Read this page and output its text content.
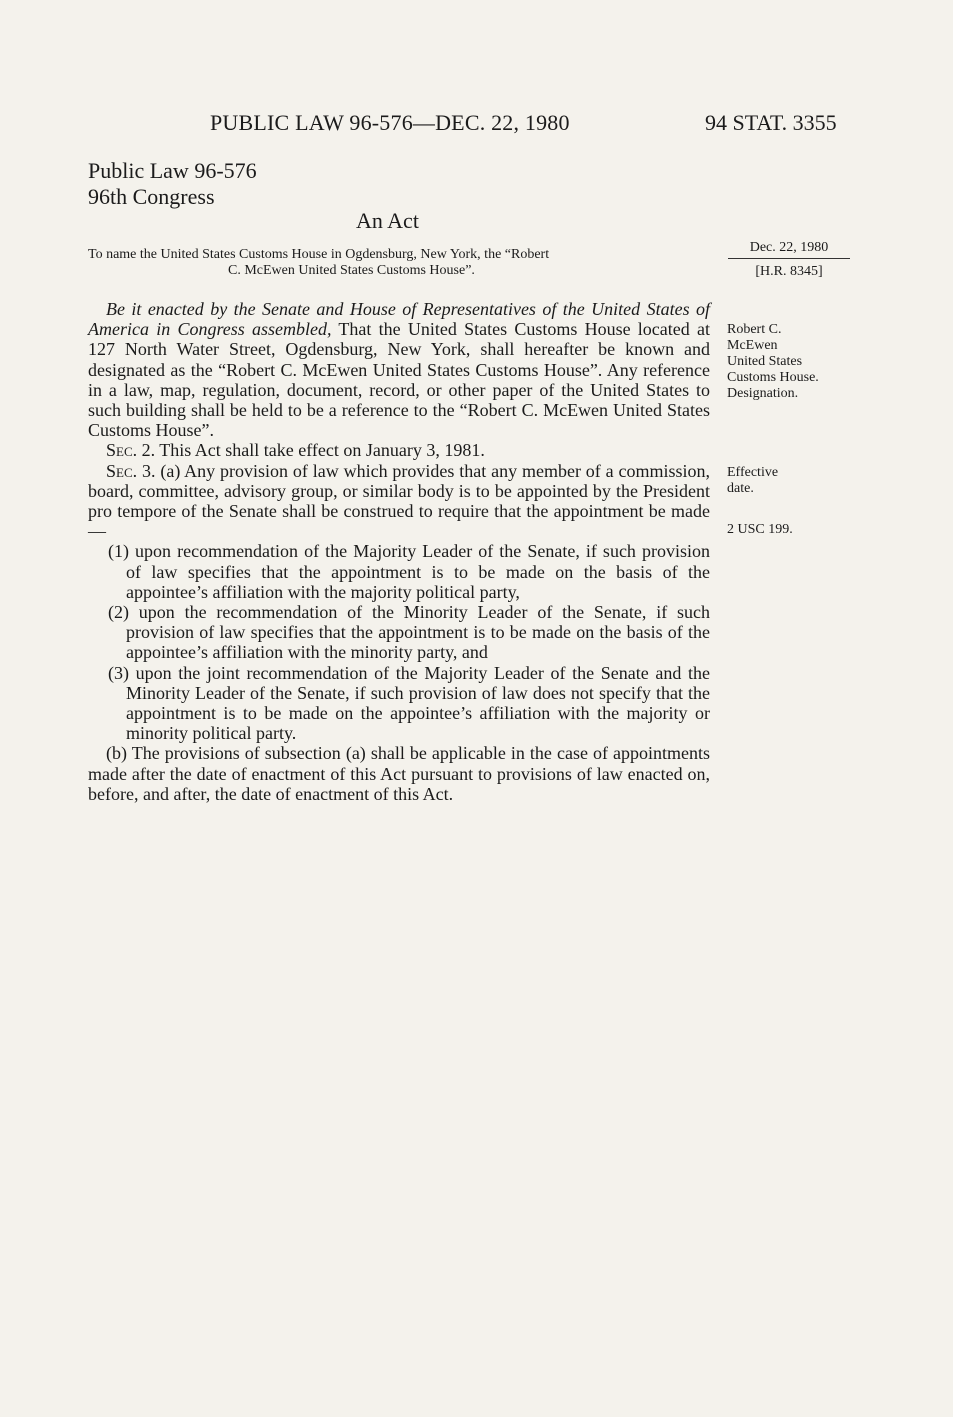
PUBLIC LAW 96-576—DEC. 22, 1980	94 STAT. 3355
Public Law 96-576
96th Congress
An Act
To name the United States Customs House in Ogdensburg, New York, the “Robert
C. McEwen United States Customs House”.
Dec. 22, 1980
[H.R. 8345]

Be it enacted by the Senate and House of Representatives of the United States of America in Congress assembled, That the United States Customs House located at 127 North Water Street, Ogdensburg, New York, shall hereafter be known and designated as the “Robert C. McEwen United States Customs House”. Any reference in a law, map, regulation, document, record, or other paper of the United States to such building shall be held to be a reference to the “Robert C. McEwen United States Customs House”.

Sec. 2. This Act shall take effect on January 3, 1981.

Sec. 3. (a) Any provision of law which provides that any member of a commission, board, committee, advisory group, or similar body is to be appointed by the President pro tempore of the Senate shall be construed to require that the appointment be made—

(1) upon recommendation of the Majority Leader of the Senate, if such provision of law specifies that the appointment is to be made on the basis of the appointee’s affiliation with the majority political party,

(2) upon the recommendation of the Minority Leader of the Senate, if such provision of law specifies that the appointment is to be made on the basis of the appointee’s affiliation with the minority party, and

(3) upon the joint recommendation of the Majority Leader of the Senate and the Minority Leader of the Senate, if such provision of law does not specify that the appointment is to be made on the appointee’s affiliation with the majority or minority political party.

(b) The provisions of subsection (a) shall be applicable in the case of appointments made after the date of enactment of this Act pursuant to provisions of law enacted on, before, and after, the date of enactment of this Act.

Robert C.
McEwen
United States
Customs House.
Designation.
Effective
date.
2 USC 199.
